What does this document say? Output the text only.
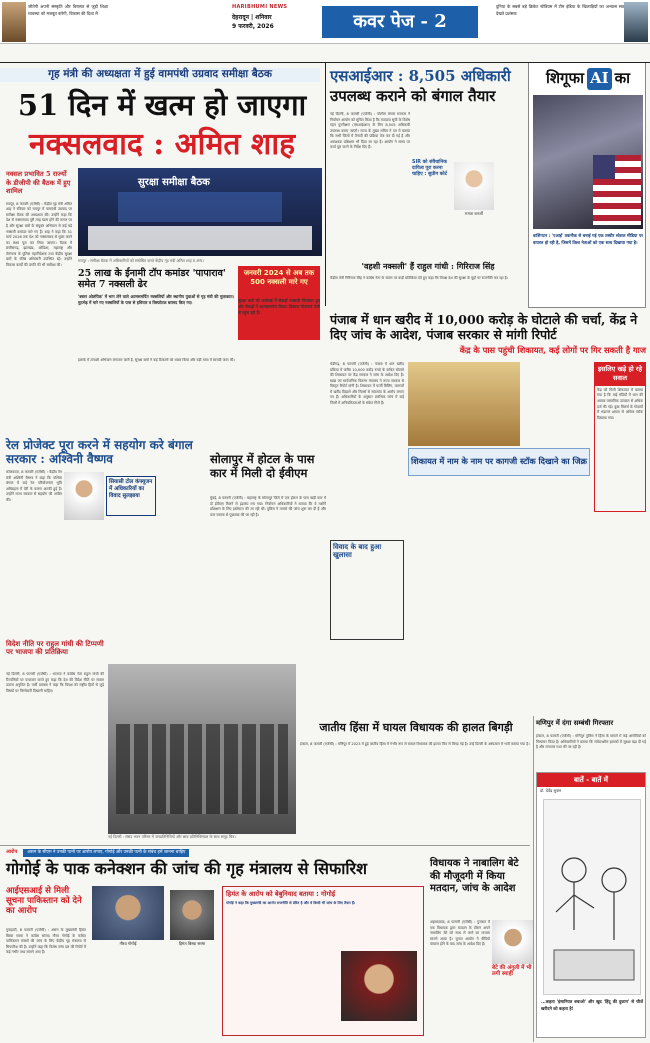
जीतेगी अपनी संस्कृति और विरासत से जुड़ी शिक्षा व्यवस्था को मजबूत करेगी, विकास की दिशा में
HARIBHUMI NEWS
देहरादून | शनिवार
9 फरवरी, 2026	कवर पेज - 2
दुनिया के सबसे बड़े क्रिकेट स्टेडियम में टीम इंडिया के खिलाड़ियों का अभ्यास सत्र देखते प्रशंसक
गृह मंत्री की अध्यक्षता में हुई वामपंथी उग्रवाद समीक्षा बैठक
51 दिन में खत्म हो जाएगा
नक्सलवाद : अमित शाह
नक्सल प्रभावित 5 राज्यों के डीजीपी की बैठक में हुए शामिल
रायपुर, 8 फरवरी (एजेंसी) : केंद्रीय गृह मंत्री अमित शाह ने रविवार को रायपुर में वामपंथी उग्रवाद पर समीक्षा बैठक की अध्यक्षता की। उन्होंने कहा कि देश से नक्सलवाद पूरी तरह खत्म होने की कगार पर है और सुरक्षा बलों के संयुक्त अभियान से कई बड़े नक्सली कमांडर मारे गए हैं। शाह ने कहा कि 31 मार्च 2026 तक देश को नक्सलवाद से मुक्त करने का लक्ष्य पूरा कर लिया जाएगा। बैठक में छत्तीसगढ़, झारखंड, ओडिशा, महाराष्ट्र और तेलंगाना के पुलिस महानिदेशक तथा केंद्रीय सुरक्षा बलों के वरिष्ठ अधिकारी उपस्थित रहे। उन्होंने विकास कार्यों की प्रगति की भी समीक्षा की।
सुरक्षा समीक्षा बैठक
रायपुर : समीक्षा बैठक में अधिकारियों को संबोधित करते केंद्रीय गृह मंत्री अमित शाह व अन्य।
25 लाख के ईनामी टॉप कमांडर 'पापाराव' समेत 7 नक्सली ढेर
'बस्तर ओलंपिक' में भाग लेने वाले आत्मसमर्पित नक्सलियों और स्थानीय युवाओं से गृह मंत्री की मुलाकात। मुठभेड़ में मारे गए नक्सलियों के पास से हथियार व विस्फोटक बरामद किए गए।
जनवरी 2024 से अब तक 500 नक्सली मारे गए
सुरक्षा बलों की कार्रवाई में सैकड़ों नक्सली गिरफ्तार हुए और सैकड़ों ने आत्मसमर्पण किया। विकास योजनाएं तेजी से पहुंच रही हैं।
इलाके में तलाशी अभियान लगातार जारी है, सुरक्षा बलों ने कई ठिकानों को ध्वस्त किया और बड़ी मात्रा में सामग्री जब्त की।
एसआईआर : 8,505 अधिकारी
उपलब्ध कराने को बंगाल तैयार
नई दिल्ली, 8 फरवरी (एजेंसी) : पश्चिम बंगाल सरकार ने निर्वाचन आयोग को सूचित किया है कि मतदाता सूची के विशेष गहन पुनरीक्षण (एसआईआर) के लिए 8,505 अधिकारी उपलब्ध कराए जाएंगे। राज्य के मुख्य सचिव ने पत्र में बताया कि सभी जिलों में तैनाती की प्रक्रिया तेज कर दी गई है और आवश्यक प्रशिक्षण भी दिया जा रहा है। आयोग ने समय पर कार्य पूरा करने के निर्देश दिए हैं।
SIR को संवैधानिक दायित्व पूरा करना चाहिए : सुप्रीम कोर्ट
ममता बनर्जी
'वहशी नक्सली' हैं राहुल गांधी : गिरिराज सिंह
केंद्रीय मंत्री गिरिराज सिंह ने कांग्रेस नेता के बयान पर कड़ी प्रतिक्रिया देते हुए कहा कि विपक्ष देश की सुरक्षा के मुद्दों पर राजनीति कर रहा है।
शिगूफा AI का
वाशिंगटन : 'एआई' तकनीक से बनाई गई एक तस्वीर सोशल मीडिया पर वायरल हो रही है, जिसमें विश्व नेताओं को एक साथ दिखाया गया है।
पंजाब में धान खरीद में 10,000 करोड़ के घोटाले की चर्चा, केंद्र ने दिए जांच के आदेश, पंजाब सरकार से मांगी रिपोर्ट
केंद्र के पास पहुंची शिकायत, कई लोगों पर गिर सकती है गाज
चंडीगढ़, 8 फरवरी (एजेंसी) : पंजाब में धान खरीद प्रक्रिया में करीब 10,000 करोड़ रुपये के कथित घोटाले की शिकायत पर केंद्र सरकार ने जांच के आदेश दिए हैं। खाद्य एवं सार्वजनिक वितरण मंत्रालय ने राज्य सरकार से विस्तृत रिपोर्ट मांगी है। शिकायत में फर्जी बिलिंग, कागजों में खरीद दिखाने और मिलर्स से सांठगांठ के आरोप लगाए गए हैं। अधिकारियों के अनुसार प्रारंभिक जांच में कई जिलों में अनियमितताओं के संकेत मिले हैं।
शिकायत में नाम के नाम पर कागजी स्टॉक दिखाने का जिक्र
इसलिए खड़े हो रहे सवाल
केंद्र को मिली शिकायत में बताया गया है कि कई मंडियों में धान की आवक वास्तविक उत्पादन से अधिक दर्ज की गई। कुछ मिलर्स के गोदामों में भंडारण क्षमता से अधिक स्टॉक दिखाया गया।
विवाद के बाद हुआ खुलासा
रेल प्रोजेक्ट पूरा करने में सहयोग करे बंगाल सरकार : अश्विनी वैष्णव
कोलकाता, 8 फरवरी (एजेंसी) : केंद्रीय रेल मंत्री अश्विनी वैष्णव ने कहा कि पश्चिम बंगाल में कई रेल परियोजनाएं भूमि अधिग्रहण में देरी के कारण अटकी हुई हैं। उन्होंने राज्य सरकार से सहयोग की अपील की।
सियासी टोल कंफ्यूजन में अधिकारियों का विवाद सुलझाया
विदेश नीति पर राहुल गांधी की टिप्पणी पर भाजपा की प्रतिक्रिया
नई दिल्ली, 8 फरवरी (एजेंसी) : भाजपा ने कांग्रेस नेता राहुल गांधी की टिप्पणियों पर पलटवार करते हुए कहा कि देश की विदेश नीति पर सवाल उठाना अनुचित है। पार्टी प्रवक्ता ने कहा कि विपक्ष को राष्ट्रीय हितों से जुड़े विषयों पर जिम्मेदारी दिखानी चाहिए।
सोलापुर में होटल के पास कार में मिली दो ईवीएम
मुंबई, 8 फरवरी (एजेंसी) : महाराष्ट्र के सोलापुर जिले में एक होटल के पास खड़ी कार में दो ईवीएम मिलने से हड़कंप मच गया। निर्वाचन अधिकारियों ने बताया कि ये मशीनें प्रशिक्षण के लिए इस्तेमाल की जा रही थीं। पुलिस ने मामले की जांच शुरू कर दी है और कार चालक से पूछताछ की जा रही है।
नई दिल्ली : संसद भवन परिसर में जनप्रतिनिधियों और छात्र प्रतिनिधिमंडल के साथ समूह चित्र।
जातीय हिंसा में घायल विधायक की हालत बिगड़ी
इंफाल, 8 फरवरी (एजेंसी) : मणिपुर में 2023 में हुई जातीय हिंसा में गंभीर रूप से घायल विधायक की हालत फिर से बिगड़ गई है। उन्हें दिल्ली के अस्पताल में भर्ती कराया गया है।
मणिपुर में दंगा सम्बंधी गिरफ्तार
इंफाल, 8 फरवरी (एजेंसी) : मणिपुर पुलिस ने हिंसा के मामले में कई आरोपियों को गिरफ्तार किया है। अधिकारियों ने बताया कि संवेदनशील इलाकों में सुरक्षा बढ़ा दी गई है और लगातार गश्त की जा रही है।
बातें - बातें में
डॉ. देवेंद्र शुक्ल
...कहता 'इंसानियत बचाओ' और खुद 'हिंदू की दुकान' से चीजें खरीदने को कहता है!
आरोप	असम के सीएम ने उनकी पत्नी पर आरोप लगाए, गोगोई और उनकी पत्नी के संबंध हमें जानना चाहिए
गोगोई के पाक कनेक्शन की जांच की गृह मंत्रालय से सिफारिश
आईएसआई से मिली सूचना पाकिस्तान को देने का आरोप
गुवाहाटी, 8 फरवरी (एजेंसी) : असम के मुख्यमंत्री हिमंत बिस्वा सरमा ने कांग्रेस सांसद गौरव गोगोई के कथित पाकिस्तान संबंधों की जांच के लिए केंद्रीय गृह मंत्रालय से सिफारिश की है। उन्होंने कहा कि विशेष जांच दल की रिपोर्ट में कई गंभीर तथ्य सामने आए हैं।
गौरव गोगोई	हिमंत बिस्वा सरमा
हिमंत के आरोप को बेबुनियाद बताया : गोगोई
गोगोई ने कहा कि मुख्यमंत्री का आरोप राजनीति से प्रेरित है और वे किसी भी जांच के लिए तैयार हैं।
विधायक ने नाबालिग बेटे की मौजूदगी में किया मतदान, जांच के आदेश
अहमदाबाद, 8 फरवरी (एजेंसी) : गुजरात में एक विधायक द्वारा मतदान के दौरान अपने नाबालिग बेटे को साथ ले जाने का मामला सामने आया है। चुनाव आयोग ने वीडियो वायरल होने के बाद जांच के आदेश दिए हैं।
बेटे की अंगुली में भी लगी स्याही
